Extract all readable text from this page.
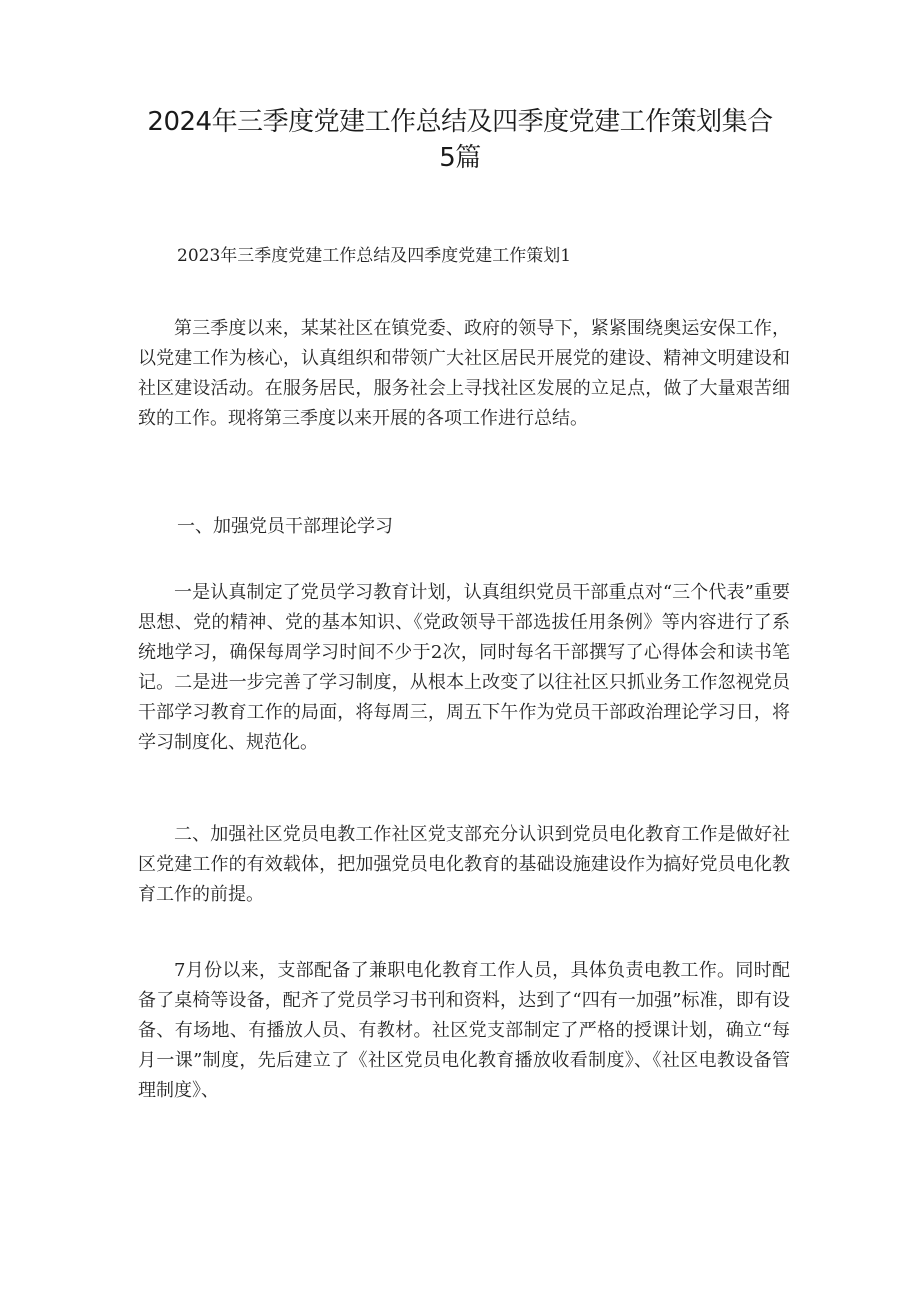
2024年三季度党建工作总结及四季度党建工作策划集合5篇
2023年三季度党建工作总结及四季度党建工作策划1

第三季度以来，某某社区在镇党委、政府的领导下，紧紧围绕奥运安保工作，以党建工作为核心，认真组织和带领广大社区居民开展党的建设、精神文明建设和社区建设活动。在服务居民，服务社会上寻找社区发展的立足点，做了大量艰苦细致的工作。现将第三季度以来开展的各项工作进行总结。

一、加强党员干部理论学习

一是认真制定了党员学习教育计划，认真组织党员干部重点对“三个代表”重要思想、党的精神、党的基本知识、《党政领导干部选拔任用条例》等内容进行了系统地学习，确保每周学习时间不少于2次，同时每名干部撰写了心得体会和读书笔记。二是进一步完善了学习制度，从根本上改变了以往社区只抓业务工作忽视党员干部学习教育工作的局面，将每周三，周五下午作为党员干部政治理论学习日，将学习制度化、规范化。

二、加强社区党员电教工作社区党支部充分认识到党员电化教育工作是做好社区党建工作的有效载体，把加强党员电化教育的基础设施建设作为搞好党员电化教育工作的前提。

7月份以来，支部配备了兼职电化教育工作人员，具体负责电教工作。同时配备了桌椅等设备，配齐了党员学习书刊和资料，达到了“四有一加强”标准，即有设备、有场地、有播放人员、有教材。社区党支部制定了严格的授课计划，确立“每月一课”制度，先后建立了《社区党员电化教育播放收看制度》、《社区电教设备管理制度》、
